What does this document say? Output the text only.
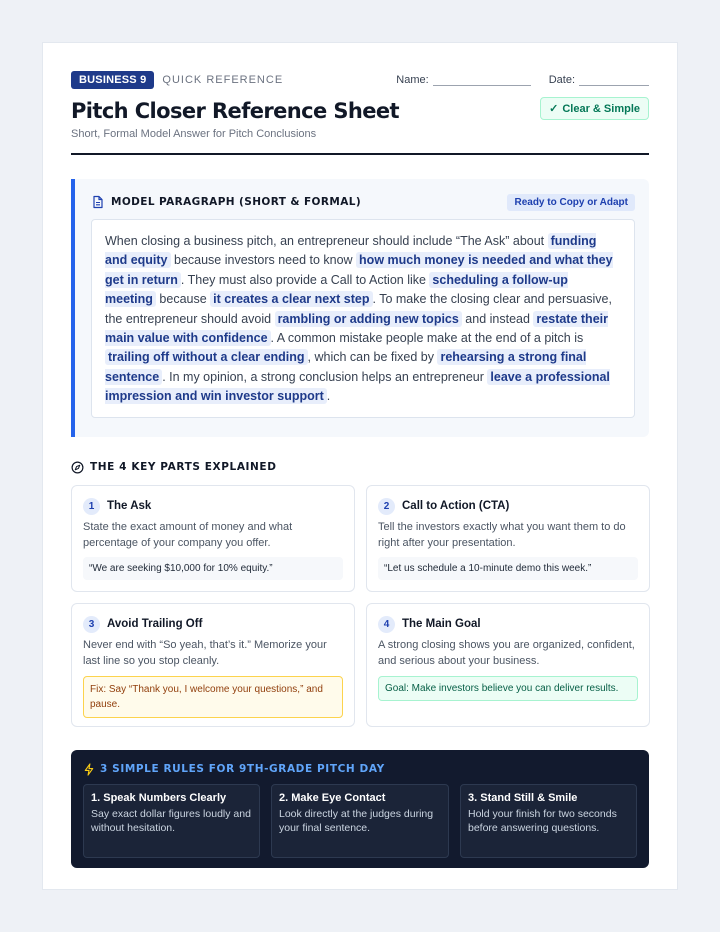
BUSINESS 9	QUICK REFERENCE	Name:	Date:
Pitch Closer Reference Sheet
Short, Formal Model Answer for Pitch Conclusions
✓ Clear & Simple
MODEL PARAGRAPH (SHORT & FORMAL)	Ready to Copy or Adapt
When closing a business pitch, an entrepreneur should include “The Ask” about funding and equity because investors need to know how much money is needed and what they get in return . They must also provide a Call to Action like scheduling a follow-up meeting because it creates a clear next step . To make the closing clear and persuasive, the entrepreneur should avoid rambling or adding new topics and instead restate their main value with confidence . A common mistake people make at the end of a pitch is trailing off without a clear ending , which can be fixed by rehearsing a strong final sentence . In my opinion, a strong conclusion helps an entrepreneur leave a professional impression and win investor support .
THE 4 KEY PARTS EXPLAINED
1	The Ask
State the exact amount of money and what percentage of your company you offer.
“We are seeking $10,000 for 10% equity.”
2	Call to Action (CTA)
Tell the investors exactly what you want them to do right after your presentation.
“Let us schedule a 10-minute demo this week.”
3	Avoid Trailing Off
Never end with “So yeah, that’s it.” Memorize your last line so you stop cleanly.
Fix: Say “Thank you, I welcome your questions,” and pause.
4	The Main Goal
A strong closing shows you are organized, confident, and serious about your business.
Goal: Make investors believe you can deliver results.
3 SIMPLE RULES FOR 9TH-GRADE PITCH DAY
1. Speak Numbers Clearly
Say exact dollar figures loudly and without hesitation.
2. Make Eye Contact
Look directly at the judges during your final sentence.
3. Stand Still & Smile
Hold your finish for two seconds before answering questions.
